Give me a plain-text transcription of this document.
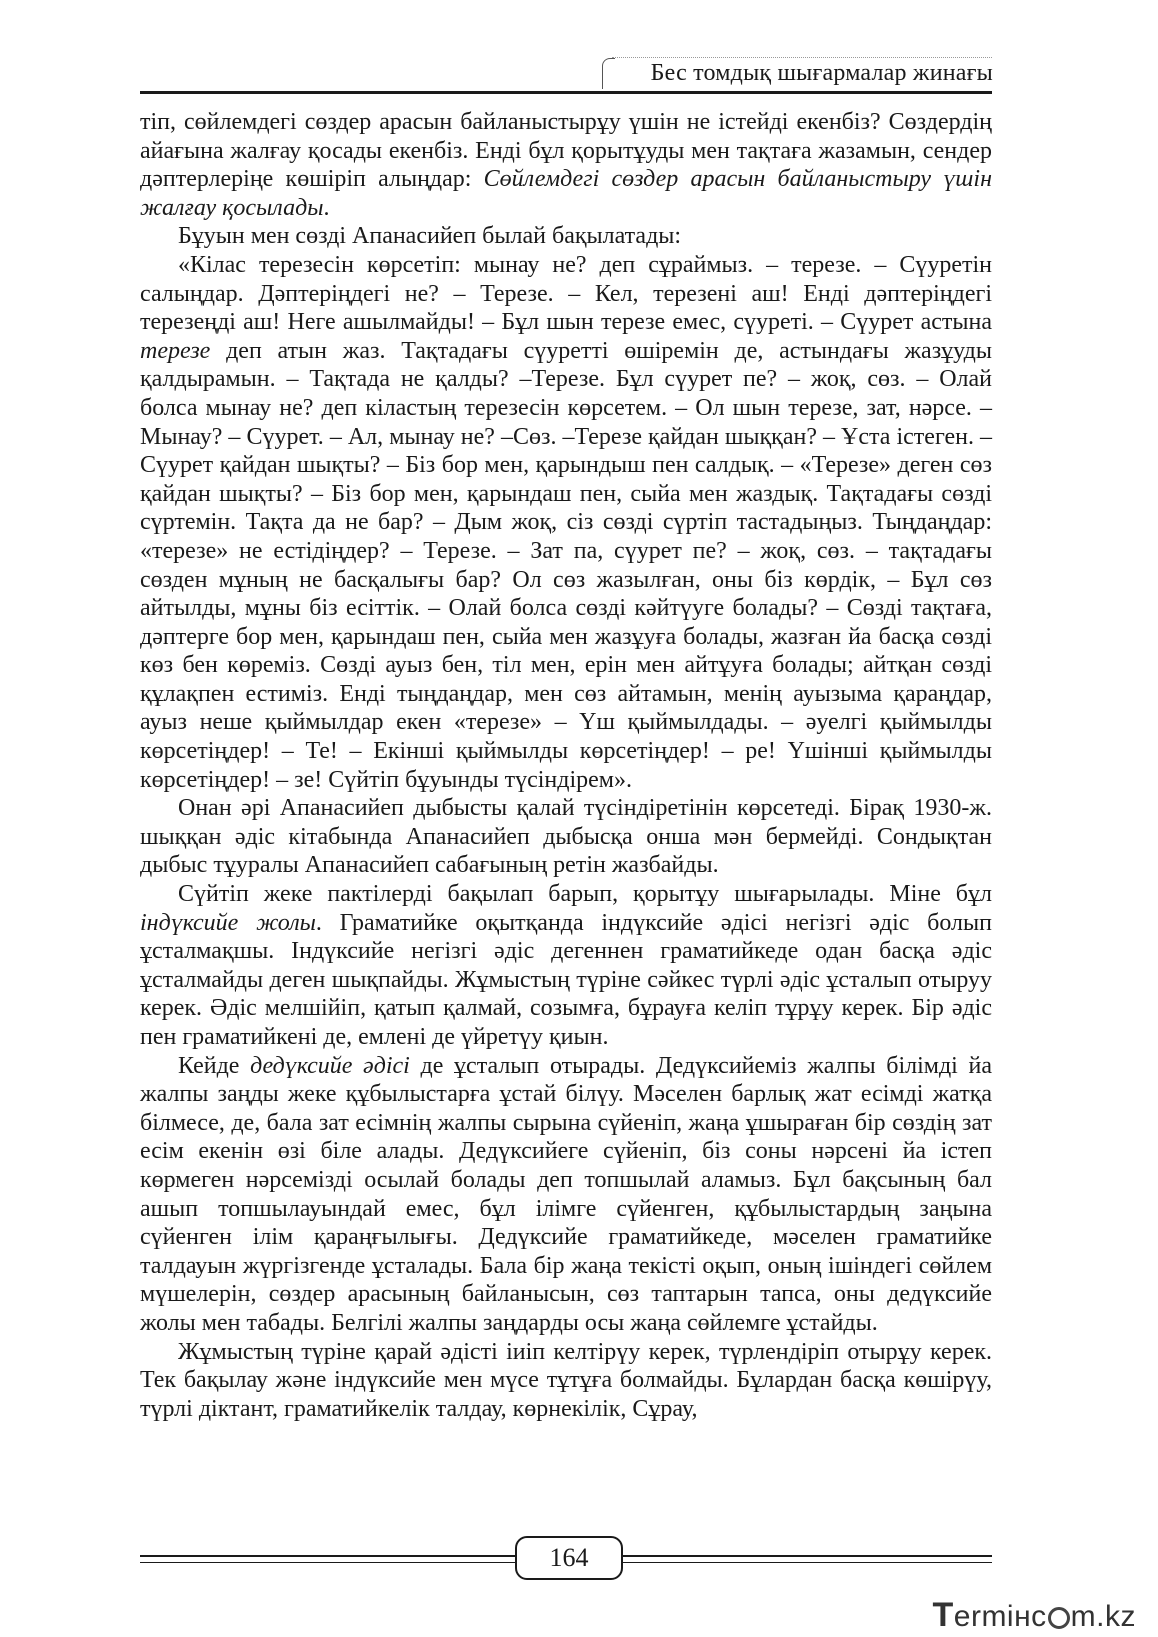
Бес томдық шығармалар жинағы

тіп, сөйлемдегі сөздер арасын байланыстырұу үшін не істейді екенбіз? Сөздердің айағына жалғау қосады екенбіз. Енді бұл қорытұуды мен тақтаға жазамын, сендер дәптерлеріңе көшіріп алыңдар: Сөйлемдегі сөздер арасын байланыстыру үшін жалғау қосылады.

Бұуын мен сөзді Апанасийеп былай бақылатады:

«Кілас терезесін көрсетіп: мынау не? деп сұраймыз. – терезе. – Сүуретін салыңдар. Дәптеріңдегі не? – Терезе. – Кел, терезені аш! Енді дәптеріңдегі терезеңді аш! Неге ашылмайды! – Бұл шын терезе емес, сүуреті. – Сүурет астына терезе деп атын жаз. Тақтадағы сүуретті өшіремін де, астындағы жазұуды қалдырамын. – Тақтада не қалды? –Терезе. Бұл сүурет пе? – жоқ, сөз. – Олай болса мынау не? деп кіластың терезесін көрсетем. – Ол шын терезе, зат, нәрсе. – Мынау? – Сүурет. – Ал, мынау не? –Сөз. –Терезе қайдан шыққан? – Ұста істеген. – Сүурет қайдан шықты? – Біз бор мен, қарындыш пен салдық. – «Терезе» деген сөз қайдан шықты? – Біз бор мен, қарындаш пен, сыйа мен жаздық. Тақтадағы сөзді сүртемін. Тақта да не бар? – Дым жоқ, сіз сөзді сүртіп тастадыңыз. Тыңдаңдар: «терезе» не естідіңдер? – Терезе. – Зат па, сүурет пе? – жоқ, сөз. – тақтадағы сөзден мұның не басқалығы бар? Ол сөз жазылған, оны біз көрдік, – Бұл сөз айтылды, мұны біз есіттік. – Олай болса сөзді кәйтүуге болады? – Сөзді тақтаға, дәптерге бор мен, қарындаш пен, сыйа мен жазұуға болады, жазған йа басқа сөзді көз бен көреміз. Сөзді ауыз бен, тіл мен, ерін мен айтұуға болады; айтқан сөзді құлақпен естиміз. Енді тыңдаңдар, мен сөз айтамын, менің ауызыма қараңдар, ауыз неше қыймылдар екен «терезе» – Үш қыймылдады. – әуелгі қыймылды көрсетіңдер! – Те! – Екінші қыймылды көрсетіңдер! – ре! Үшінші қыймылды көрсетіңдер! – зе! Сүйтіп бұуынды түсіндірем».

Онан әрі Апанасийеп дыбысты қалай түсіндіретінін көрсетеді. Бірақ 1930-ж. шыққан әдіс кітабында Апанасийеп дыбысқа онша мән бермейді. Сондықтан дыбыс тұуралы Апанасийеп сабағының ретін жазбайды.

Сүйтіп жеке пактілерді бақылап барып, қорытұу шығарылады. Міне бұл індүксийе жолы. Граматийке оқытқанда індүксийе әдісі негізгі әдіс болып ұсталмақшы. Індүксийе негізгі әдіс дегеннен граматийкеде одан басқа әдіс ұсталмайды деген шықпайды. Жұмыстың түріне сәйкес түрлі әдіс ұсталып отыруу керек. Әдіс мелшійіп, қатып қалмай, созымға, бұрауға келіп тұрұу керек. Бір әдіс пен граматийкені де, емлені де үйретүу қиын.

Кейде дедүксийе әдісі де ұсталып отырады. Дедүксийеміз жалпы білімді йа жалпы заңды жеке құбылыстарға ұстай білүу. Мәселен барлық жат есімді жатқа білмесе, де, бала зат есімнің жалпы сырына сүйеніп, жаңа ұшыраған бір сөздің зат есім екенін өзі біле алады. Дедүксийеге сүйеніп, біз соны нәрсені йа істеп көрмеген нәрсемізді осылай болады деп топшылай аламыз. Бұл бақсының бал ашып топшылауындай емес, бұл ілімге сүйенген, құбылыстардың заңына сүйенген ілім қараңғылығы. Дедүксийе граматийкеде, мәселен граматийке талдауын жүргізгенде ұсталады. Бала бір жаңа текісті оқып, оның ішіндегі сөйлем мүшелерін, сөздер арасының байланысын, сөз таптарын тапса, оны дедүксийе жолы мен табады. Белгілі жалпы заңдарды осы жаңа сөйлемге ұстайды.

Жұмыстың түріне қарай әдісті іиіп келтірүу керек, түрлендіріп отырұу керек. Тек бақылау және індүксийе мен мүсе тұтұға болмайды. Бұлардан басқа көшірүу, түрлі діктант, граматийкелік талдау, көрнекілік, Сұрау,

164
Termінc m.kz
